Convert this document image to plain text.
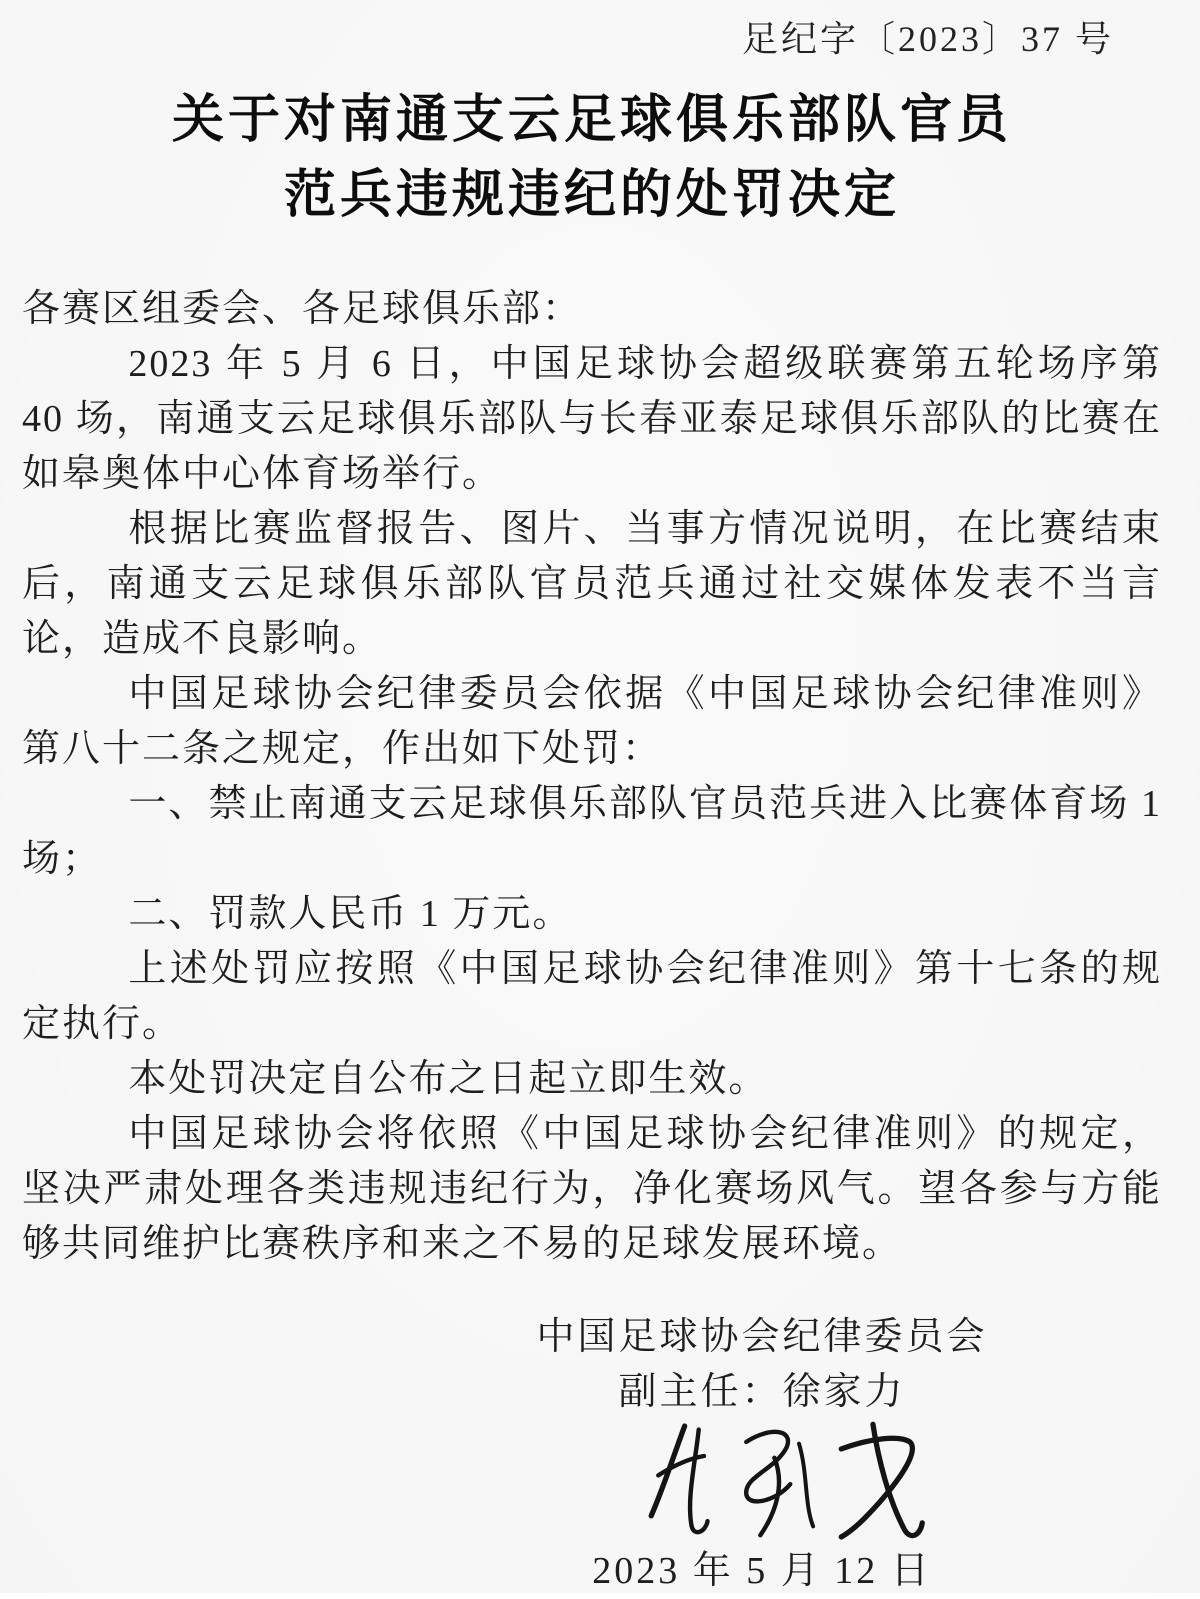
足纪字〔2023〕37 号
关于对南通支云足球俱乐部队官员
范兵违规违纪的处罚决定

各赛区组委会、各足球俱乐部：

2023 年 5 月 6 日，中国足球协会超级联赛第五轮场序第 40 场，南通支云足球俱乐部队与长春亚泰足球俱乐部队的比赛在如皋奥体中心体育场举行。

根据比赛监督报告、图片、当事方情况说明，在比赛结束后，南通支云足球俱乐部队官员范兵通过社交媒体发表不当言论，造成不良影响。

中国足球协会纪律委员会依据《中国足球协会纪律准则》第八十二条之规定，作出如下处罚：

一、禁止南通支云足球俱乐部队官员范兵进入比赛体育场 1 场；

二、罚款人民币 1 万元。

上述处罚应按照《中国足球协会纪律准则》第十七条的规定执行。

本处罚决定自公布之日起立即生效。

中国足球协会将依照《中国足球协会纪律准则》的规定，坚决严肃处理各类违规违纪行为，净化赛场风气。望各参与方能够共同维护比赛秩序和来之不易的足球发展环境。

中国足球协会纪律委员会
副主任：徐家力
2023 年 5 月 12 日
